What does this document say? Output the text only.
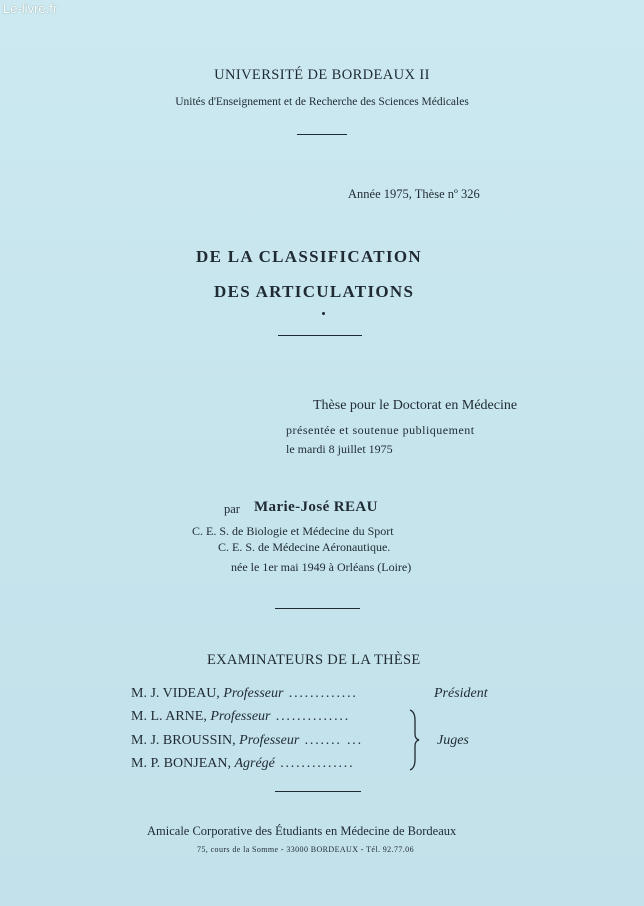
Le-livre.fr
UNIVERSITÉ DE BORDEAUX II
Unités d'Enseignement et de Recherche des Sciences Médicales
Année 1975, Thèse nº 326
DE LA CLASSIFICATION
DES ARTICULATIONS
Thèse pour le Doctorat en Médecine
présentée et soutenue publiquement
le mardi 8 juillet 1975
par Marie-José REAU
C. E. S. de Biologie et Médecine du Sport
C. E. S. de Médecine Aéronautique.
née le 1er mai 1949 à Orléans (Loire)
EXAMINATEURS DE LA THÈSE
M. J. VIDEAU, Professeur .............
M. L. ARNE, Professeur ..............
M. J. BROUSSIN, Professeur ....... ...
M. P. BONJEAN, Agrégé ..............
Président
Juges
Amicale Corporative des Étudiants en Médecine de Bordeaux
75, cours de la Somme - 33000 BORDEAUX - Tél. 92.77.06
